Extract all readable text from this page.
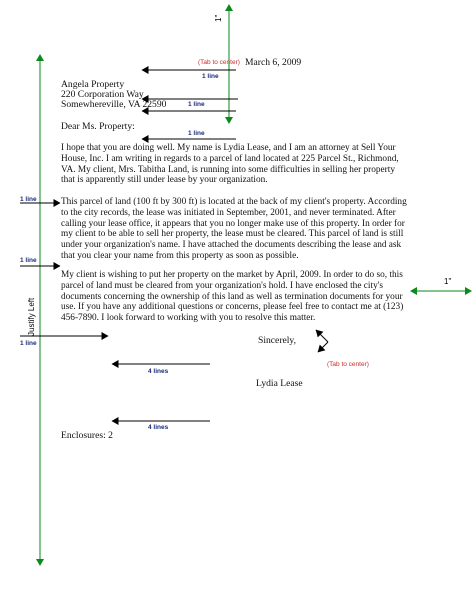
1"
(Tab to center)
1 line
1 line
1 line
1 line
1 line
1 line
4 lines
4 lines
(Tab to center)
1"
Justify Left
March 6, 2009
Angela Property
220 Corporation Way
Somewhereville, VA 22590
Dear Ms. Property:
I hope that you are doing well. My name is Lydia Lease, and I am an attorney at Sell Your House, Inc. I am writing in regards to a parcel of land located at 225 Parcel St., Richmond, VA. My client, Mrs. Tabitha Land, is running into some difficulties in selling her property that is apparently still under lease by your organization.
This parcel of land (100 ft by 300 ft) is located at the back of my client's property. According to the city records, the lease was initiated in September, 2001, and never terminated. After calling your lease office, it appears that you no longer make use of this property. In order for my client to be able to sell her property, the lease must be cleared. This parcel of land is still under your organization's name. I have attached the documents describing the lease and ask that you clear your name from this property as soon as possible.
My client is wishing to put her property on the market by April, 2009. In order to do so, this parcel of land must be cleared from your organization's hold. I have enclosed the city's documents concerning the ownership of this land as well as termination documents for your use. If you have any additional questions or concerns, please feel free to contact me at (123) 456-7890. I look forward to working with you to resolve this matter.
Sincerely,
Lydia Lease
Enclosures: 2
